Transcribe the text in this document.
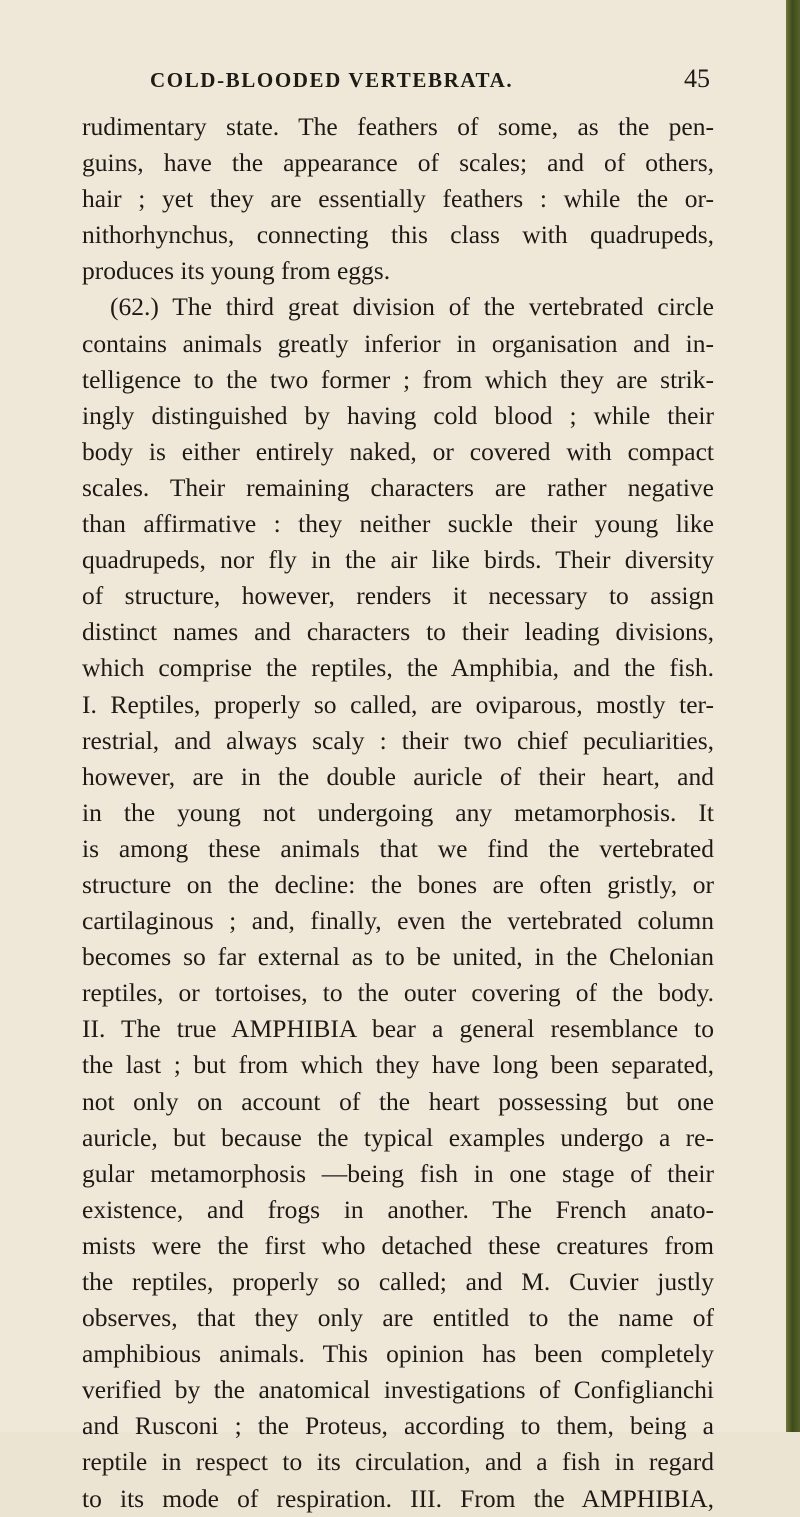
COLD-BLOODED VERTEBRATA.	45
rudimentary state. The feathers of some, as the pen-
guins, have the appearance of scales; and of others,
hair ; yet they are essentially feathers : while the or-
nithorhynchus, connecting this class with quadrupeds,
produces its young from eggs.
(62.) The third great division of the vertebrated circle
contains animals greatly inferior in organisation and in-
telligence to the two former ; from which they are strik-
ingly distinguished by having cold blood ; while their
body is either entirely naked, or covered with compact
scales. Their remaining characters are rather negative
than affirmative : they neither suckle their young like
quadrupeds, nor fly in the air like birds. Their diversity
of structure, however, renders it necessary to assign
distinct names and characters to their leading divisions,
which comprise the reptiles, the Amphibia, and the fish.
I. Reptiles, properly so called, are oviparous, mostly ter-
restrial, and always scaly : their two chief peculiarities,
however, are in the double auricle of their heart, and
in the young not undergoing any metamorphosis. It
is among these animals that we find the vertebrated
structure on the decline: the bones are often gristly, or
cartilaginous ; and, finally, even the vertebrated column
becomes so far external as to be united, in the Chelonian
reptiles, or tortoises, to the outer covering of the body.
II. The true AMPHIBIA bear a general resemblance to
the last ; but from which they have long been separated,
not only on account of the heart possessing but one
auricle, but because the typical examples undergo a re-
gular metamorphosis —being fish in one stage of their
existence, and frogs in another. The French anato-
mists were the first who detached these creatures from
the reptiles, properly so called; and M. Cuvier justly
observes, that they only are entitled to the name of
amphibious animals. This opinion has been completely
verified by the anatomical investigations of Configlianchi
and Rusconi ; the Proteus, according to them, being a
reptile in respect to its circulation, and a fish in regard
to its mode of respiration. III. From the AMPHIBIA,
